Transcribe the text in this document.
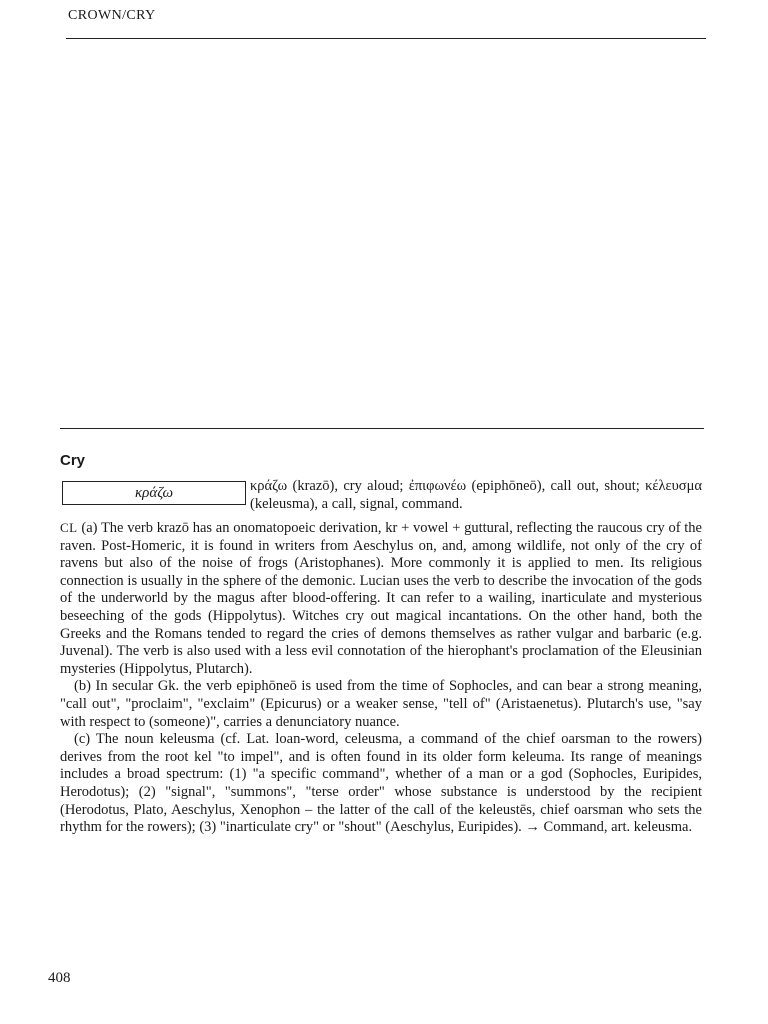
CROWN/CRY
Cry
κράζω	κράζω (krazō), cry aloud; ἐπιφωνέω (epiphōneō), call out, shout; κέλευσμα (keleusma), a call, signal, command.

CL (a) The verb krazō has an onomatopoeic derivation, kr + vowel + guttural, reflecting the raucous cry of the raven. Post-Homeric, it is found in writers from Aeschylus on, and, among wildlife, not only of the cry of ravens but also of the noise of frogs (Aristophanes). More commonly it is applied to men. Its religious connection is usually in the sphere of the demonic. Lucian uses the verb to describe the invocation of the gods of the underworld by the magus after blood-offering. It can refer to a wailing, inarticulate and mysterious beseeching of the gods (Hippolytus). Witches cry out magical incantations. On the other hand, both the Greeks and the Romans tended to regard the cries of demons themselves as rather vulgar and barbaric (e.g. Juvenal). The verb is also used with a less evil connotation of the hierophant's proclamation of the Eleusinian mysteries (Hippolytus, Plutarch).

(b) In secular Gk. the verb epiphōneō is used from the time of Sophocles, and can bear a strong meaning, "call out", "proclaim", "exclaim" (Epicurus) or a weaker sense, "tell of" (Aristaenetus). Plutarch's use, "say with respect to (someone)", carries a denunciatory nuance.

(c) The noun keleusma (cf. Lat. loan-word, celeusma, a command of the chief oarsman to the rowers) derives from the root kel "to impel", and is often found in its older form keleuma. Its range of meanings includes a broad spectrum: (1) "a specific command", whether of a man or a god (Sophocles, Euripides, Herodotus); (2) "signal", "summons", "terse order" whose substance is understood by the recipient (Herodotus, Plato, Aeschylus, Xenophon – the latter of the call of the keleustēs, chief oarsman who sets the rhythm for the rowers); (3) "inarticulate cry" or "shout" (Aeschylus, Euripides). → Command, art. keleusma.

408
